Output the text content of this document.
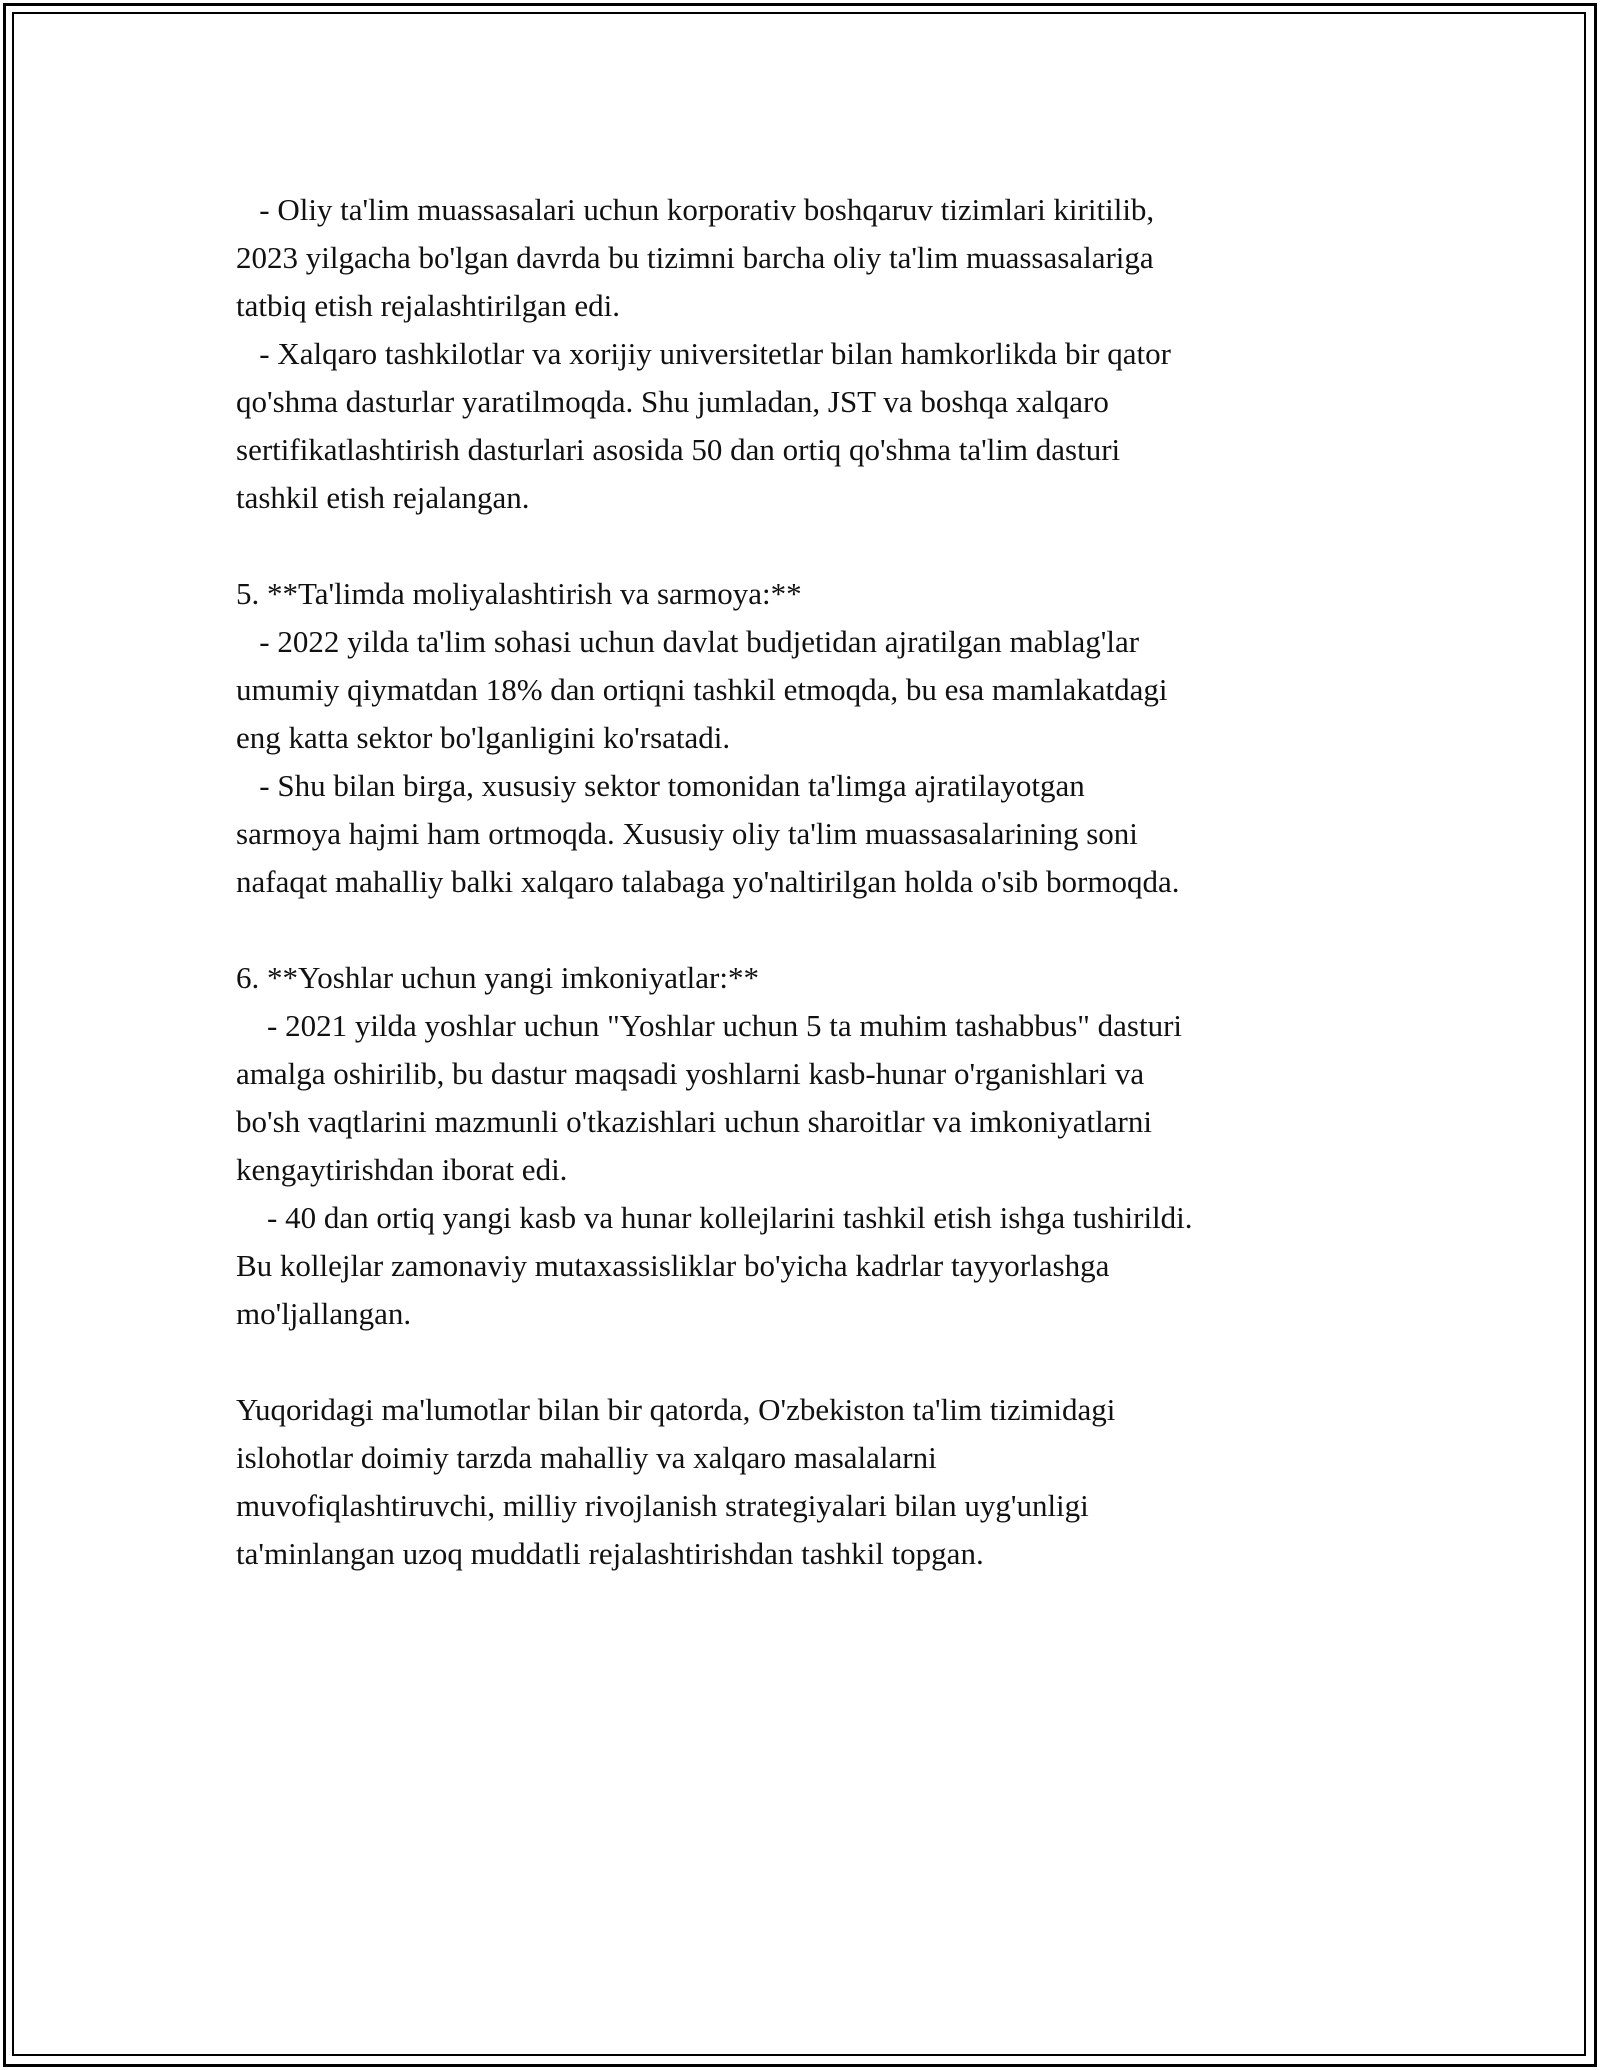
- Oliy ta'lim muassasalari uchun korporativ boshqaruv tizimlari kiritilib,
2023 yilgacha bo'lgan davrda bu tizimni barcha oliy ta'lim muassasalariga
tatbiq etish rejalashtirilgan edi.
- Xalqaro tashkilotlar va xorijiy universitetlar bilan hamkorlikda bir qator
qo'shma dasturlar yaratilmoqda. Shu jumladan, JST va boshqa xalqaro
sertifikatlashtirish dasturlari asosida 50 dan ortiq qo'shma ta'lim dasturi
tashkil etish rejalangan.
5. **Ta'limda moliyalashtirish va sarmoya:**
- 2022 yilda ta'lim sohasi uchun davlat budjetidan ajratilgan mablag'lar
umumiy qiymatdan 18% dan ortiqni tashkil etmoqda, bu esa mamlakatdagi
eng katta sektor bo'lganligini ko'rsatadi.
- Shu bilan birga, xususiy sektor tomonidan ta'limga ajratilayotgan
sarmoya hajmi ham ortmoqda. Xususiy oliy ta'lim muassasalarining soni
nafaqat mahalliy balki xalqaro talabaga yo'naltirilgan holda o'sib bormoqda.
6. **Yoshlar uchun yangi imkoniyatlar:**
- 2021 yilda yoshlar uchun "Yoshlar uchun 5 ta muhim tashabbus" dasturi
amalga oshirilib, bu dastur maqsadi yoshlarni kasb-hunar o'rganishlari va
bo'sh vaqtlarini mazmunli o'tkazishlari uchun sharoitlar va imkoniyatlarni
kengaytirishdan iborat edi.
- 40 dan ortiq yangi kasb va hunar kollejlarini tashkil etish ishga tushirildi.
Bu kollejlar zamonaviy mutaxassisliklar bo'yicha kadrlar tayyorlashga
mo'ljallangan.
Yuqoridagi ma'lumotlar bilan bir qatorda, O'zbekiston ta'lim tizimidagi
islohotlar doimiy tarzda mahalliy va xalqaro masalalarni
muvofiqlashtiruvchi, milliy rivojlanish strategiyalari bilan uyg'unligi
ta'minlangan uzoq muddatli rejalashtirishdan tashkil topgan.
